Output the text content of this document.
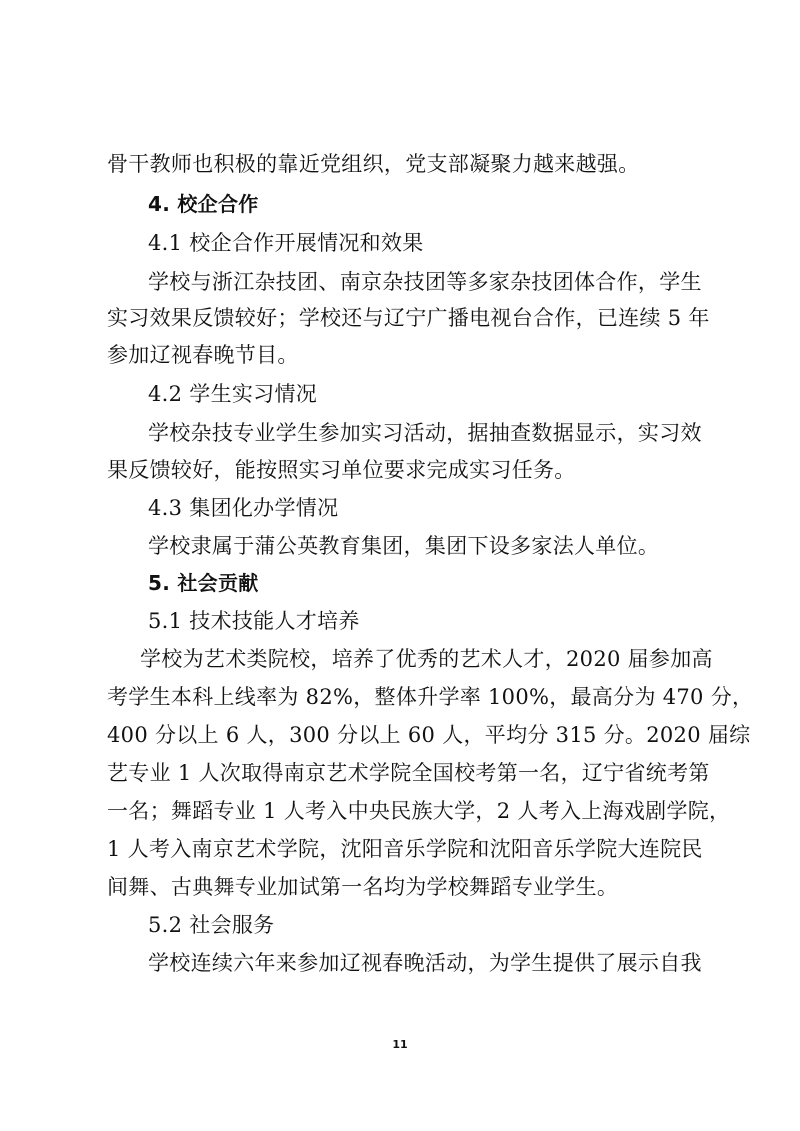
骨干教师也积极的靠近党组织，党支部凝聚力越来越强。
4. 校企合作
4.1 校企合作开展情况和效果
学校与浙江杂技团、南京杂技团等多家杂技团体合作，学生
实习效果反馈较好；学校还与辽宁广播电视台合作，已连续 5 年
参加辽视春晚节目。
4.2 学生实习情况
学校杂技专业学生参加实习活动，据抽查数据显示，实习效
果反馈较好，能按照实习单位要求完成实习任务。
4.3 集团化办学情况
学校隶属于蒲公英教育集团，集团下设多家法人单位。
5. 社会贡献
5.1 技术技能人才培养
学校为艺术类院校，培养了优秀的艺术人才，2020 届参加高
考学生本科上线率为 82%，整体升学率 100%，最高分为 470 分，
400 分以上 6 人，300 分以上 60 人，平均分 315 分。2020 届综
艺专业 1 人次取得南京艺术学院全国校考第一名，辽宁省统考第
一名；舞蹈专业 1 人考入中央民族大学，2 人考入上海戏剧学院，
1 人考入南京艺术学院，沈阳音乐学院和沈阳音乐学院大连院民
间舞、古典舞专业加试第一名均为学校舞蹈专业学生。
5.2 社会服务
学校连续六年来参加辽视春晚活动，为学生提供了展示自我
11
